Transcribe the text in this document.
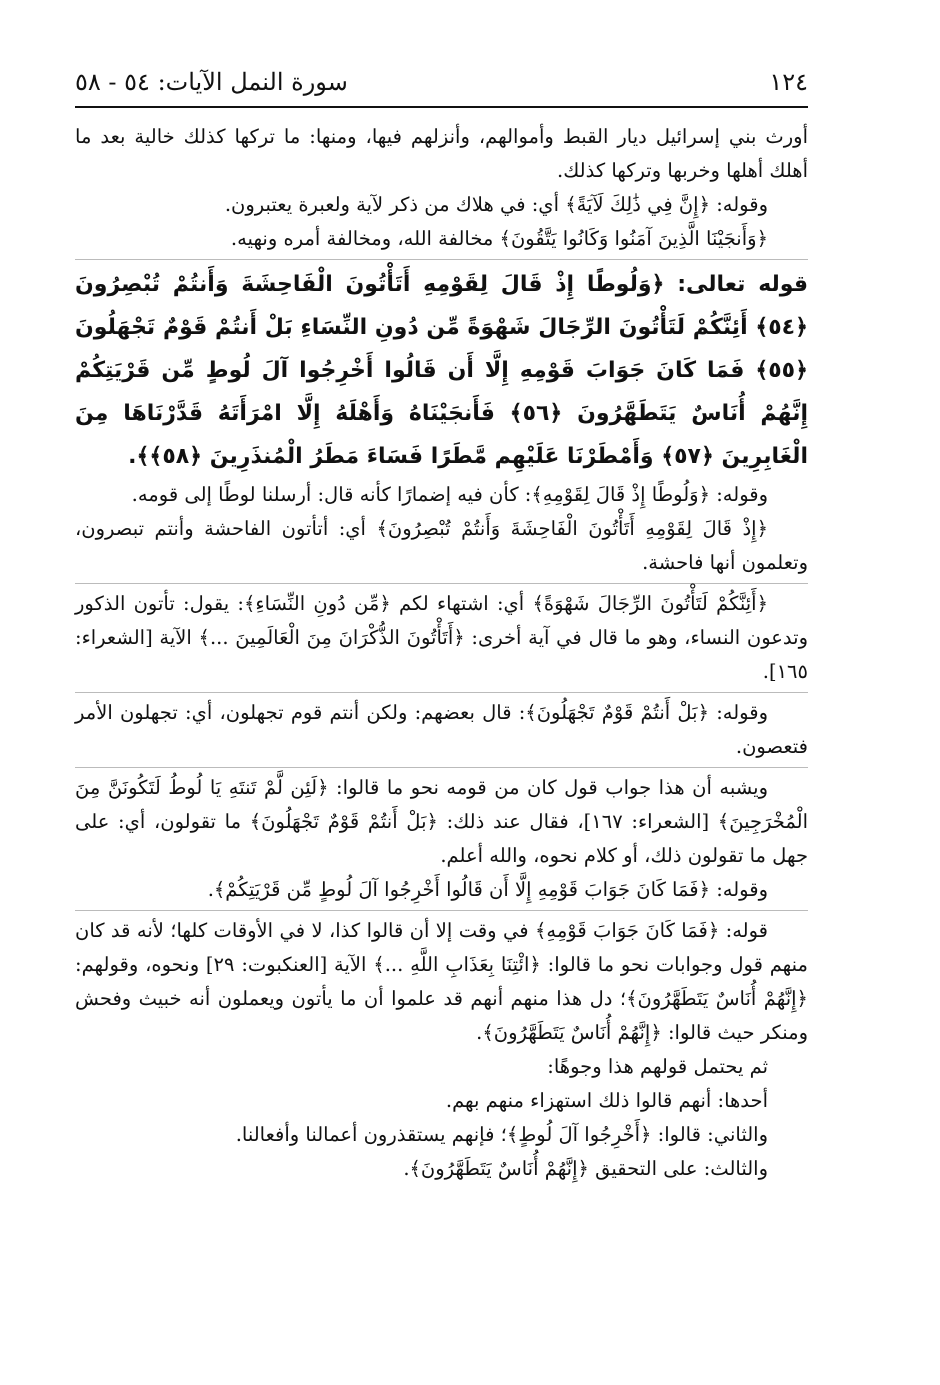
١٢٤
سورة النمل الآيات: ٥٤ - ٥٨

أورث بني إسرائيل ديار القبط وأموالهم، وأنزلهم فيها، ومنها: ما تركها كذلك خالية بعد ما أهلك أهلها وخربها وتركها كذلك.

وقوله: ﴿إِنَّ فِي ذَٰلِكَ لَآيَةً﴾ أي: في هلاك من ذكر لآية ولعبرة يعتبرون.

﴿وَأَنجَيْنَا الَّذِينَ آمَنُوا وَكَانُوا يَتَّقُونَ﴾ مخالفة الله، ومخالفة أمره ونهيه.

قوله تعالى: ﴿وَلُوطًا إِذْ قَالَ لِقَوْمِهِ أَتَأْتُونَ الْفَاحِشَةَ وَأَنتُمْ تُبْصِرُونَ ﴿٥٤﴾ أَئِنَّكُمْ لَتَأْتُونَ الرِّجَالَ شَهْوَةً مِّن دُونِ النِّسَاءِ بَلْ أَنتُمْ قَوْمٌ تَجْهَلُونَ ﴿٥٥﴾ فَمَا كَانَ جَوَابَ قَوْمِهِ إِلَّا أَن قَالُوا أَخْرِجُوا آلَ لُوطٍ مِّن قَرْيَتِكُمْ إِنَّهُمْ أُنَاسٌ يَتَطَهَّرُونَ ﴿٥٦﴾ فَأَنجَيْنَاهُ وَأَهْلَهُ إِلَّا امْرَأَتَهُ قَدَّرْنَاهَا مِنَ الْغَابِرِينَ ﴿٥٧﴾ وَأَمْطَرْنَا عَلَيْهِم مَّطَرًا فَسَاءَ مَطَرُ الْمُنذَرِينَ ﴿٥٨﴾﴾.

وقوله: ﴿وَلُوطًا إِذْ قَالَ لِقَوْمِهِ﴾: كأن فيه إضمارًا كأنه قال: أرسلنا لوطًا إلى قومه.

﴿إِذْ قَالَ لِقَوْمِهِ أَتَأْتُونَ الْفَاحِشَةَ وَأَنتُمْ تُبْصِرُونَ﴾ أي: أتأتون الفاحشة وأنتم تبصرون، وتعلمون أنها فاحشة.

﴿أَئِنَّكُمْ لَتَأْتُونَ الرِّجَالَ شَهْوَةً﴾ أي: اشتهاء لكم ﴿مِّن دُونِ النِّسَاءِ﴾: يقول: تأتون الذكور وتدعون النساء، وهو ما قال في آية أخرى: ﴿أَتَأْتُونَ الذُّكْرَانَ مِنَ الْعَالَمِينَ ...﴾ الآية [الشعراء: ١٦٥].

وقوله: ﴿بَلْ أَنتُمْ قَوْمٌ تَجْهَلُونَ﴾: قال بعضهم: ولكن أنتم قوم تجهلون، أي: تجهلون الأمر فتعصون.

ويشبه أن هذا جواب قول كان من قومه نحو ما قالوا: ﴿لَئِن لَّمْ تَنتَهِ يَا لُوطُ لَتَكُونَنَّ مِنَ الْمُخْرَجِينَ﴾ [الشعراء: ١٦٧]، فقال عند ذلك: ﴿بَلْ أَنتُمْ قَوْمٌ تَجْهَلُونَ﴾ ما تقولون، أي: على جهل ما تقولون ذلك، أو كلام نحوه، والله أعلم.

وقوله: ﴿فَمَا كَانَ جَوَابَ قَوْمِهِ إِلَّا أَن قَالُوا أَخْرِجُوا آلَ لُوطٍ مِّن قَرْيَتِكُمْ﴾.

قوله: ﴿فَمَا كَانَ جَوَابَ قَوْمِهِ﴾ في وقت إلا أن قالوا كذا، لا في الأوقات كلها؛ لأنه قد كان منهم قول وجوابات نحو ما قالوا: ﴿ائْتِنَا بِعَذَابِ اللَّهِ ...﴾ الآية [العنكبوت: ٢٩] ونحوه، وقولهم: ﴿إِنَّهُمْ أُنَاسٌ يَتَطَهَّرُونَ﴾؛ دل هذا منهم أنهم قد علموا أن ما يأتون ويعملون أنه خبيث وفحش ومنكر حيث قالوا: ﴿إِنَّهُمْ أُنَاسٌ يَتَطَهَّرُونَ﴾.

ثم يحتمل قولهم هذا وجوهًا:

أحدها: أنهم قالوا ذلك استهزاء منهم بهم.

والثاني: قالوا: ﴿أَخْرِجُوا آلَ لُوطٍ﴾؛ فإنهم يستقذرون أعمالنا وأفعالنا.

والثالث: على التحقيق ﴿إِنَّهُمْ أُنَاسٌ يَتَطَهَّرُونَ﴾.
